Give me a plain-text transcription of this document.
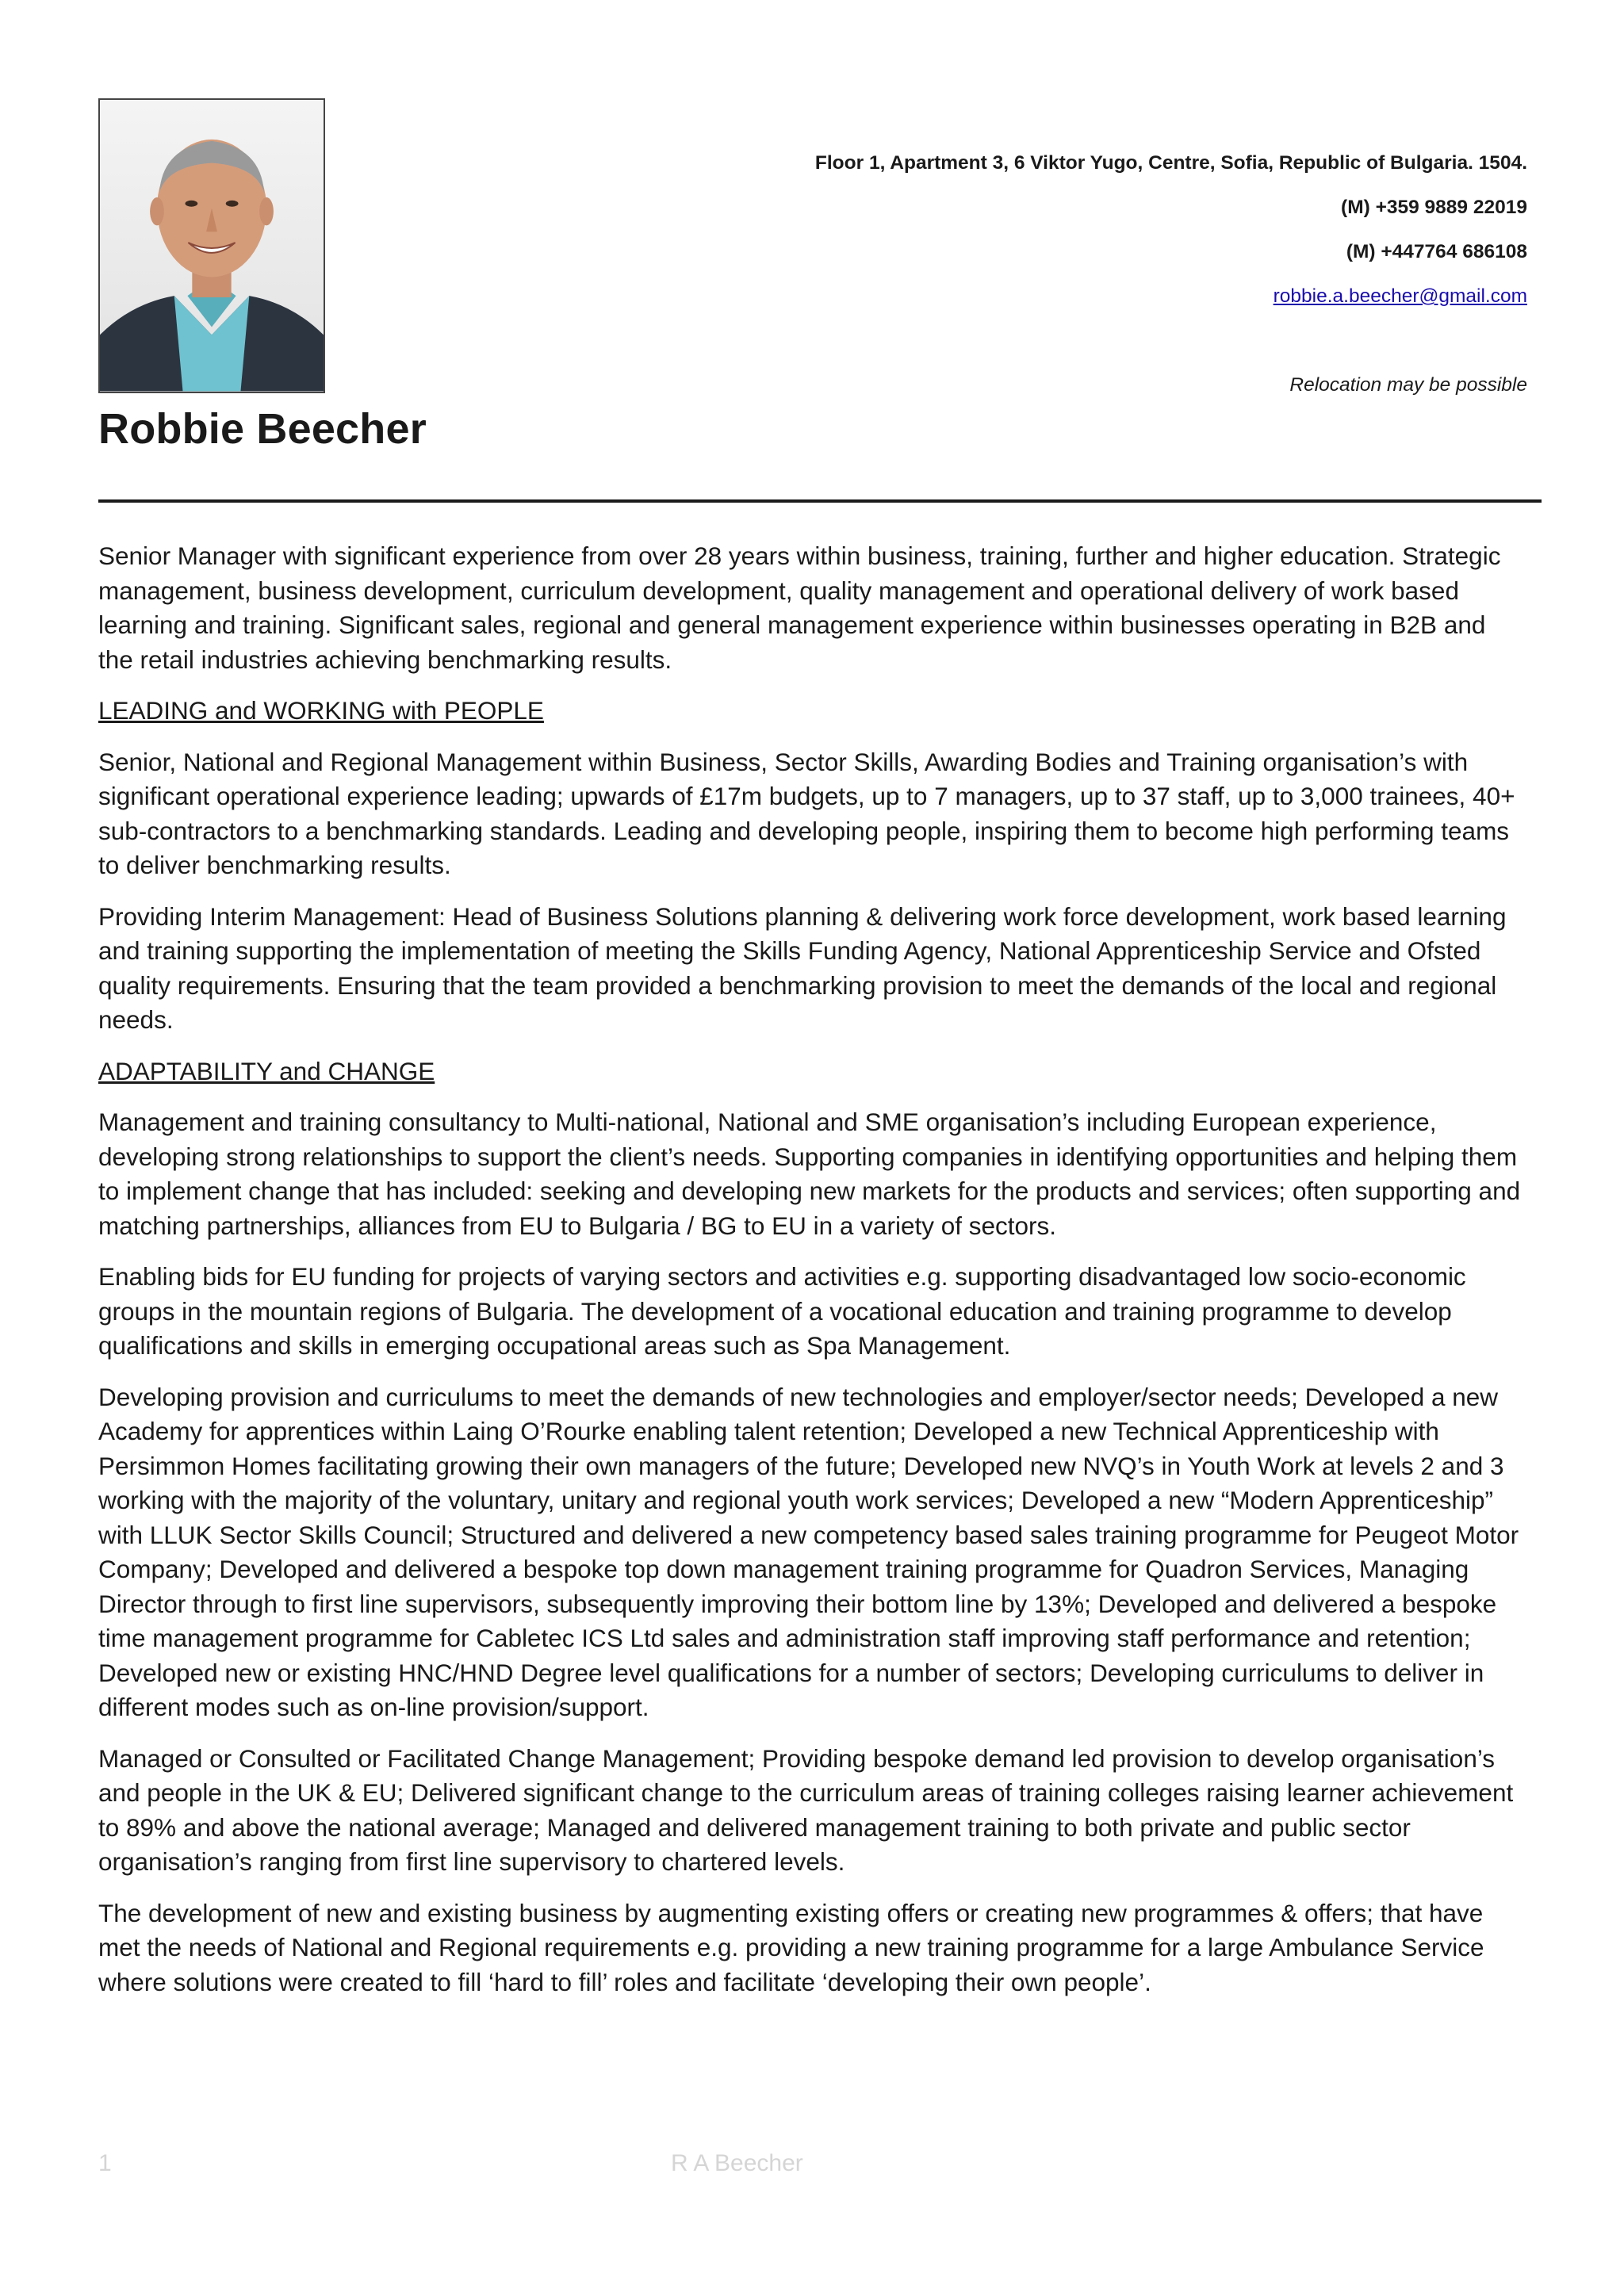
Floor 1, Apartment 3, 6 Viktor Yugo, Centre, Sofia, Republic of Bulgaria. 1504.
(M) +359 9889 22019
(M) +447764 686108
robbie.a.beecher@gmail.com
Relocation may be possible
Robbie Beecher

Senior Manager with significant experience from over 28 years within business, training, further and higher education. Strategic management, business development, curriculum development, quality management and operational delivery of work based learning and training. Significant sales, regional and general management experience within businesses operating in B2B and the retail industries achieving benchmarking results.

LEADING and WORKING with PEOPLE

Senior, National and Regional Management within Business, Sector Skills, Awarding Bodies and Training organisation’s with significant operational experience leading; upwards of £17m budgets, up to 7 managers, up to 37 staff, up to 3,000 trainees, 40+ sub-contractors to a benchmarking standards. Leading and developing people, inspiring them to become high performing teams to deliver benchmarking results.

Providing Interim Management: Head of Business Solutions planning & delivering work force development, work based learning and training supporting the implementation of meeting the Skills Funding Agency, National Apprenticeship Service and Ofsted quality requirements. Ensuring that the team provided a benchmarking provision to meet the demands of the local and regional needs.

ADAPTABILITY and CHANGE

Management and training consultancy to Multi-national, National and SME organisation’s including European experience, developing strong relationships to support the client’s needs. Supporting companies in identifying opportunities and helping them to implement change that has included: seeking and developing new markets for the products and services; often supporting and matching partnerships, alliances from EU to Bulgaria / BG to EU in a variety of sectors.

Enabling bids for EU funding for projects of varying sectors and activities e.g. supporting disadvantaged low socio-economic groups in the mountain regions of Bulgaria. The development of a vocational education and training programme to develop qualifications and skills in emerging occupational areas such as Spa Management.

Developing provision and curriculums to meet the demands of new technologies and employer/sector needs; Developed a new Academy for apprentices within Laing O’Rourke enabling talent retention; Developed a new Technical Apprenticeship with Persimmon Homes facilitating growing their own managers of the future; Developed new NVQ’s in Youth Work at levels 2 and 3 working with the majority of the voluntary, unitary and regional youth work services; Developed a new “Modern Apprenticeship” with LLUK Sector Skills Council; Structured and delivered a new competency based sales training programme for Peugeot Motor Company; Developed and delivered a bespoke top down management training programme for Quadron Services, Managing Director through to first line supervisors, subsequently improving their bottom line by 13%; Developed and delivered a bespoke time management programme for Cabletec ICS Ltd sales and administration staff improving staff performance and retention; Developed new or existing HNC/HND Degree level qualifications for a number of sectors; Developing curriculums to deliver in different modes such as on-line provision/support.

Managed or Consulted or Facilitated Change Management; Providing bespoke demand led provision to develop organisation’s and people in the UK & EU; Delivered significant change to the curriculum areas of training colleges raising learner achievement to 89% and above the national average; Managed and delivered management training to both private and public sector organisation’s ranging from first line supervisory to chartered levels.

The development of new and existing business by augmenting existing offers or creating new programmes & offers; that have met the needs of National and Regional requirements e.g. providing a new training programme for a large Ambulance Service where solutions were created to fill ‘hard to fill’ roles and facilitate ‘developing their own people’.

1	R A Beecher
